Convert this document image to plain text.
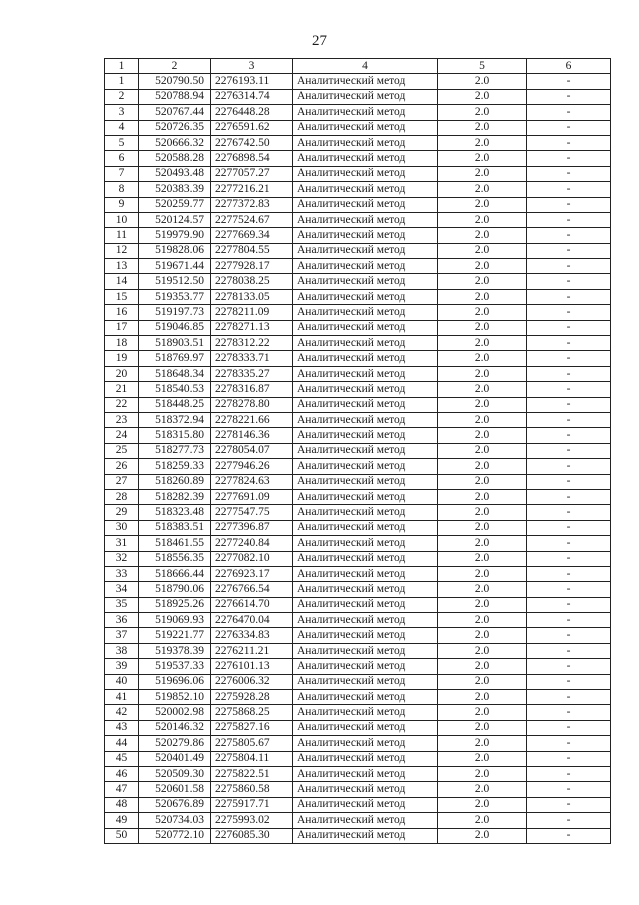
27
1	2	3	4	5	6
1	520790.50	2276193.11	Аналитический метод	2.0	-
2	520788.94	2276314.74	Аналитический метод	2.0	-
3	520767.44	2276448.28	Аналитический метод	2.0	-
4	520726.35	2276591.62	Аналитический метод	2.0	-
5	520666.32	2276742.50	Аналитический метод	2.0	-
6	520588.28	2276898.54	Аналитический метод	2.0	-
7	520493.48	2277057.27	Аналитический метод	2.0	-
8	520383.39	2277216.21	Аналитический метод	2.0	-
9	520259.77	2277372.83	Аналитический метод	2.0	-
10	520124.57	2277524.67	Аналитический метод	2.0	-
11	519979.90	2277669.34	Аналитический метод	2.0	-
12	519828.06	2277804.55	Аналитический метод	2.0	-
13	519671.44	2277928.17	Аналитический метод	2.0	-
14	519512.50	2278038.25	Аналитический метод	2.0	-
15	519353.77	2278133.05	Аналитический метод	2.0	-
16	519197.73	2278211.09	Аналитический метод	2.0	-
17	519046.85	2278271.13	Аналитический метод	2.0	-
18	518903.51	2278312.22	Аналитический метод	2.0	-
19	518769.97	2278333.71	Аналитический метод	2.0	-
20	518648.34	2278335.27	Аналитический метод	2.0	-
21	518540.53	2278316.87	Аналитический метод	2.0	-
22	518448.25	2278278.80	Аналитический метод	2.0	-
23	518372.94	2278221.66	Аналитический метод	2.0	-
24	518315.80	2278146.36	Аналитический метод	2.0	-
25	518277.73	2278054.07	Аналитический метод	2.0	-
26	518259.33	2277946.26	Аналитический метод	2.0	-
27	518260.89	2277824.63	Аналитический метод	2.0	-
28	518282.39	2277691.09	Аналитический метод	2.0	-
29	518323.48	2277547.75	Аналитический метод	2.0	-
30	518383.51	2277396.87	Аналитический метод	2.0	-
31	518461.55	2277240.84	Аналитический метод	2.0	-
32	518556.35	2277082.10	Аналитический метод	2.0	-
33	518666.44	2276923.17	Аналитический метод	2.0	-
34	518790.06	2276766.54	Аналитический метод	2.0	-
35	518925.26	2276614.70	Аналитический метод	2.0	-
36	519069.93	2276470.04	Аналитический метод	2.0	-
37	519221.77	2276334.83	Аналитический метод	2.0	-
38	519378.39	2276211.21	Аналитический метод	2.0	-
39	519537.33	2276101.13	Аналитический метод	2.0	-
40	519696.06	2276006.32	Аналитический метод	2.0	-
41	519852.10	2275928.28	Аналитический метод	2.0	-
42	520002.98	2275868.25	Аналитический метод	2.0	-
43	520146.32	2275827.16	Аналитический метод	2.0	-
44	520279.86	2275805.67	Аналитический метод	2.0	-
45	520401.49	2275804.11	Аналитический метод	2.0	-
46	520509.30	2275822.51	Аналитический метод	2.0	-
47	520601.58	2275860.58	Аналитический метод	2.0	-
48	520676.89	2275917.71	Аналитический метод	2.0	-
49	520734.03	2275993.02	Аналитический метод	2.0	-
50	520772.10	2276085.30	Аналитический метод	2.0	-
